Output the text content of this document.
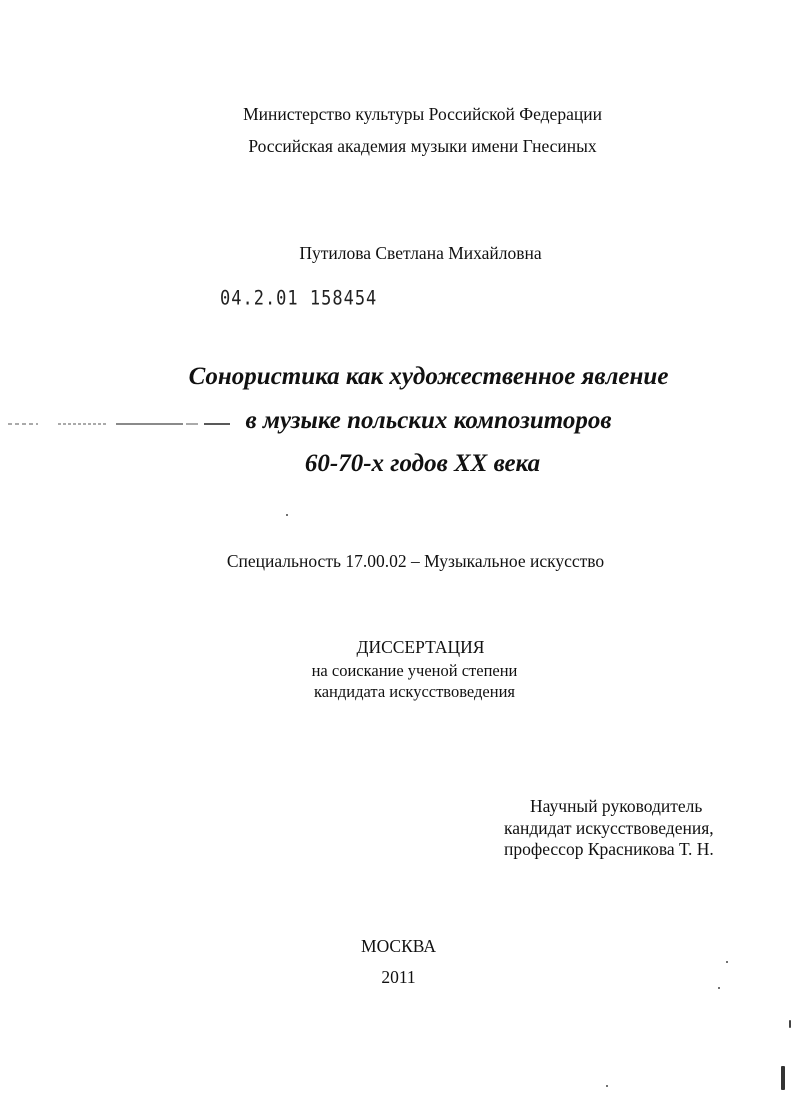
Министерство культуры Российской Федерации
Российская академия музыки имени Гнесиных
Путилова Светлана Михайловна
04.2.01 158454
Сонористика как художественное явление
в музыке польских композиторов
60-70-х годов XX века
Специальность 17.00.02 – Музыкальное искусство
ДИССЕРТАЦИЯ
на соискание ученой степени
кандидата искусствоведения
Научный руководитель
кандидат искусствоведения,
профессор Красникова Т. Н.
МОСКВА
2011
